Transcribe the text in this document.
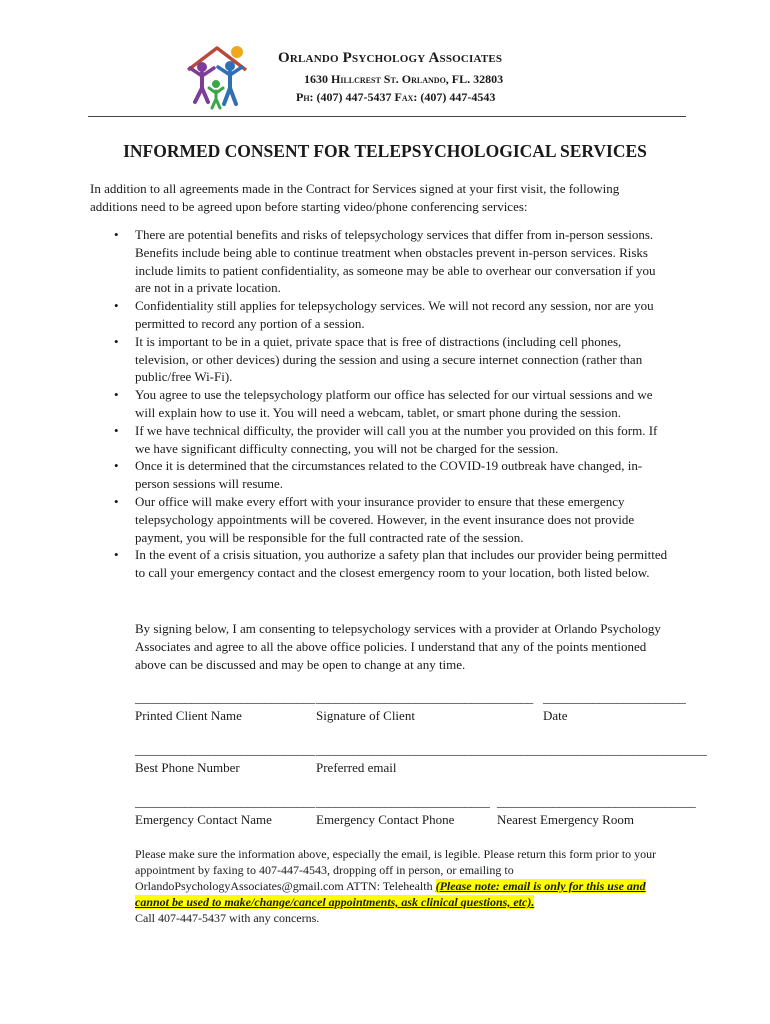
Orlando Psychology Associates
1630 Hillcrest St. Orlando, FL. 32803
Ph: (407) 447-5437 Fax: (407) 447-4543
INFORMED CONSENT FOR TELEPSYCHOLOGICAL SERVICES
In addition to all agreements made in the Contract for Services signed at your first visit, the following additions need to be agreed upon before starting video/phone conferencing services:
• There are potential benefits and risks of telepsychology services that differ from in-person sessions. Benefits include being able to continue treatment when obstacles prevent in-person services. Risks include limits to patient confidentiality, as someone may be able to overhear our conversation if you are not in a private location.
• Confidentiality still applies for telepsychology services. We will not record any session, nor are you permitted to record any portion of a session.
• It is important to be in a quiet, private space that is free of distractions (including cell phones, television, or other devices) during the session and using a secure internet connection (rather than public/free Wi-Fi).
• You agree to use the telepsychology platform our office has selected for our virtual sessions and we will explain how to use it. You will need a webcam, tablet, or smart phone during the session.
• If we have technical difficulty, the provider will call you at the number you provided on this form. If we have significant difficulty connecting, you will not be charged for the session.
• Once it is determined that the circumstances related to the COVID-19 outbreak have changed, in-person sessions will resume.
• Our office will make every effort with your insurance provider to ensure that these emergency telepsychology appointments will be covered. However, in the event insurance does not provide payment, you will be responsible for the full contracted rate of the session.
• In the event of a crisis situation, you authorize a safety plan that includes our provider being permitted to call your emergency contact and the closest emergency room to your location, both listed below.
By signing below, I am consenting to telepsychology services with a provider at Orlando Psychology Associates and agree to all the above office policies. I understand that any of the points mentioned above can be discussed and may be open to change at any time.
_____________________________ ___________________________________ _______________________
Printed Client Name	Signature of Client	Date
_____________________________ _______________________________________________________________
Best Phone Number	Preferred email
_____________________________ ____________________________ ________________________________
Emergency Contact Name	Emergency Contact Phone	Nearest Emergency Room
Please make sure the information above, especially the email, is legible. Please return this form prior to your appointment by faxing to 407-447-4543, dropping off in person, or emailing to OrlandoPsychologyAssociates@gmail.com ATTN: Telehealth (Please note: email is only for this use and cannot be used to make/change/cancel appointments, ask clinical questions, etc).
Call 407-447-5437 with any concerns.
